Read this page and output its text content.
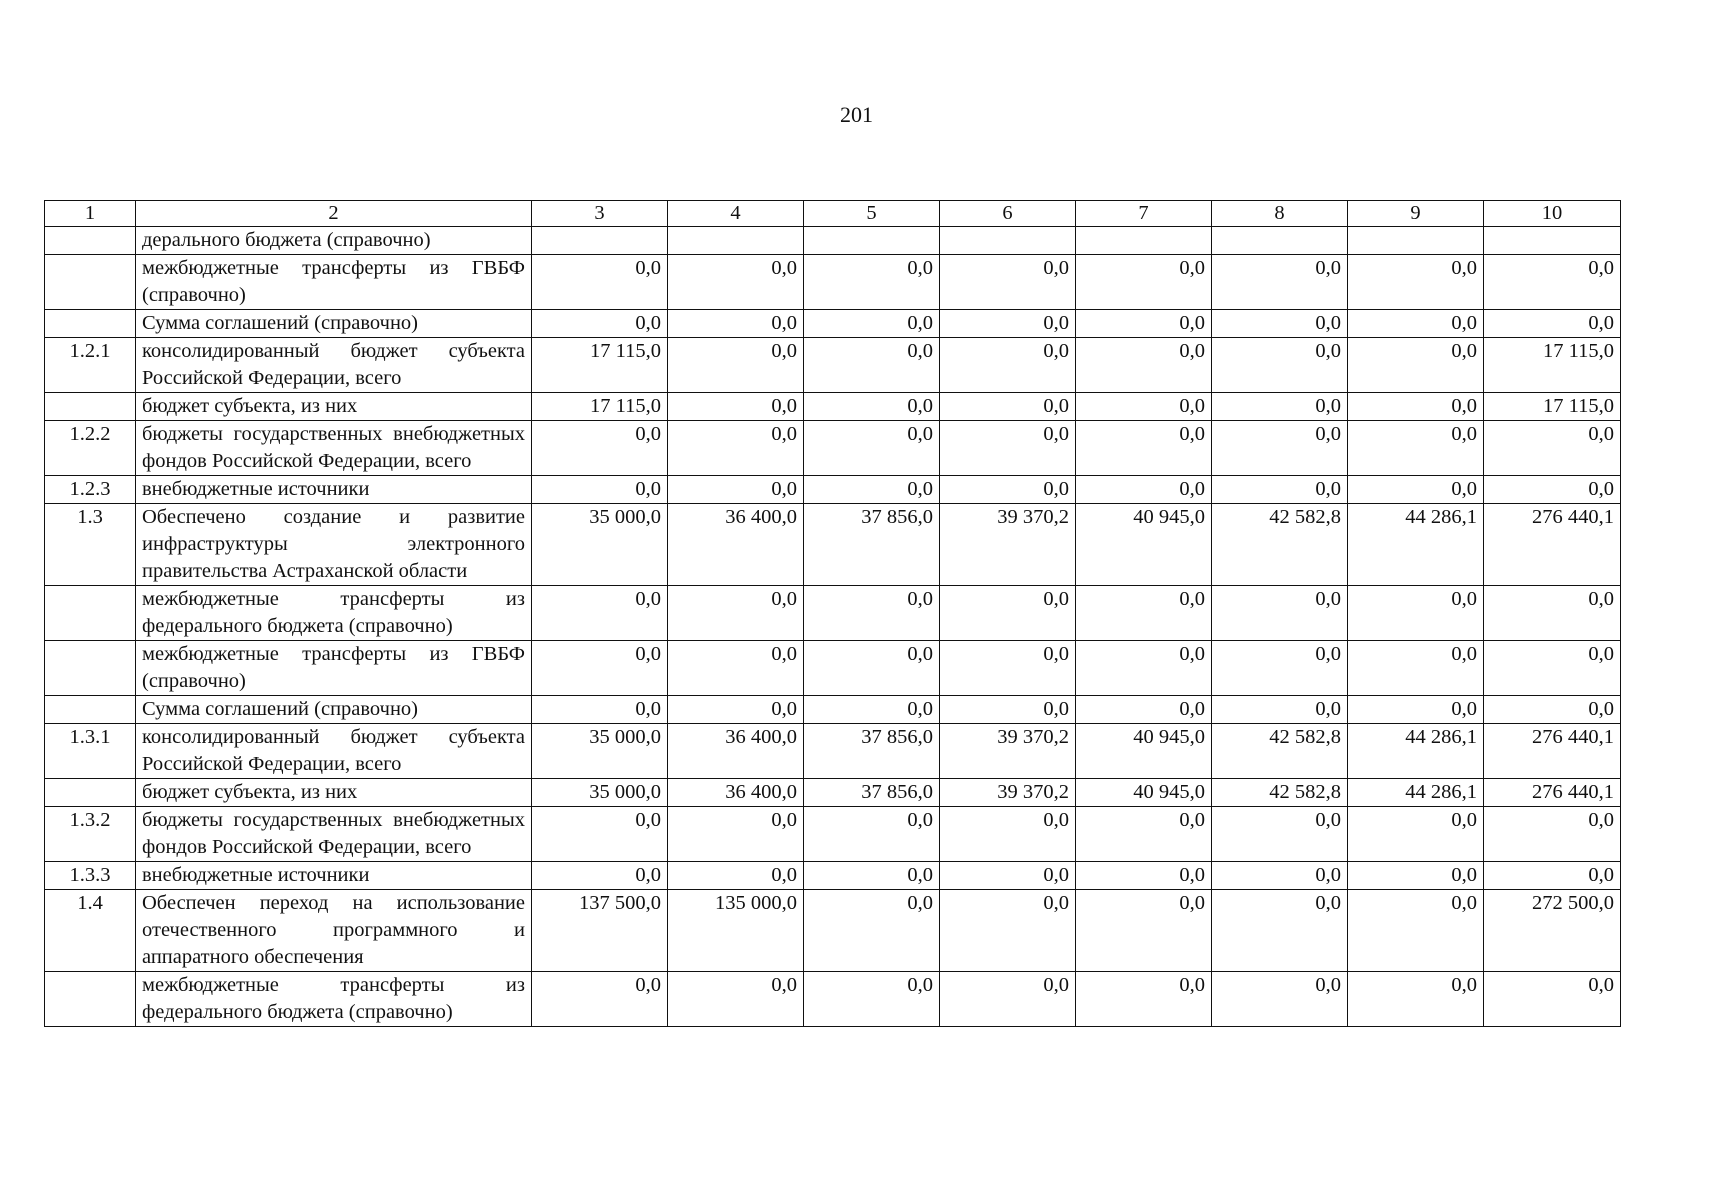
201
1	2	3	4	5	6	7	8	9	10
	дерального бюджета (справочно)								
	межбюджетные трансферты из ГВБФ (справочно)	0,0	0,0	0,0	0,0	0,0	0,0	0,0	0,0
	Сумма соглашений (справочно)	0,0	0,0	0,0	0,0	0,0	0,0	0,0	0,0
1.2.1	консолидированный бюджет субъекта Российской Федерации, всего	17 115,0	0,0	0,0	0,0	0,0	0,0	0,0	17 115,0
	бюджет субъекта, из них	17 115,0	0,0	0,0	0,0	0,0	0,0	0,0	17 115,0
1.2.2	бюджеты государственных внебюджетных фондов Российской Федерации, всего	0,0	0,0	0,0	0,0	0,0	0,0	0,0	0,0
1.2.3	внебюджетные источники	0,0	0,0	0,0	0,0	0,0	0,0	0,0	0,0
1.3	Обеспечено создание и развитие инфраструктуры электронного правительства Астраханской области	35 000,0	36 400,0	37 856,0	39 370,2	40 945,0	42 582,8	44 286,1	276 440,1
	межбюджетные трансферты из федерального бюджета (справочно)	0,0	0,0	0,0	0,0	0,0	0,0	0,0	0,0
	межбюджетные трансферты из ГВБФ (справочно)	0,0	0,0	0,0	0,0	0,0	0,0	0,0	0,0
	Сумма соглашений (справочно)	0,0	0,0	0,0	0,0	0,0	0,0	0,0	0,0
1.3.1	консолидированный бюджет субъекта Российской Федерации, всего	35 000,0	36 400,0	37 856,0	39 370,2	40 945,0	42 582,8	44 286,1	276 440,1
	бюджет субъекта, из них	35 000,0	36 400,0	37 856,0	39 370,2	40 945,0	42 582,8	44 286,1	276 440,1
1.3.2	бюджеты государственных внебюджетных фондов Российской Федерации, всего	0,0	0,0	0,0	0,0	0,0	0,0	0,0	0,0
1.3.3	внебюджетные источники	0,0	0,0	0,0	0,0	0,0	0,0	0,0	0,0
1.4	Обеспечен переход на использование отечественного программного и аппаратного обеспечения	137 500,0	135 000,0	0,0	0,0	0,0	0,0	0,0	272 500,0
	межбюджетные трансферты из федерального бюджета (справочно)	0,0	0,0	0,0	0,0	0,0	0,0	0,0	0,0
